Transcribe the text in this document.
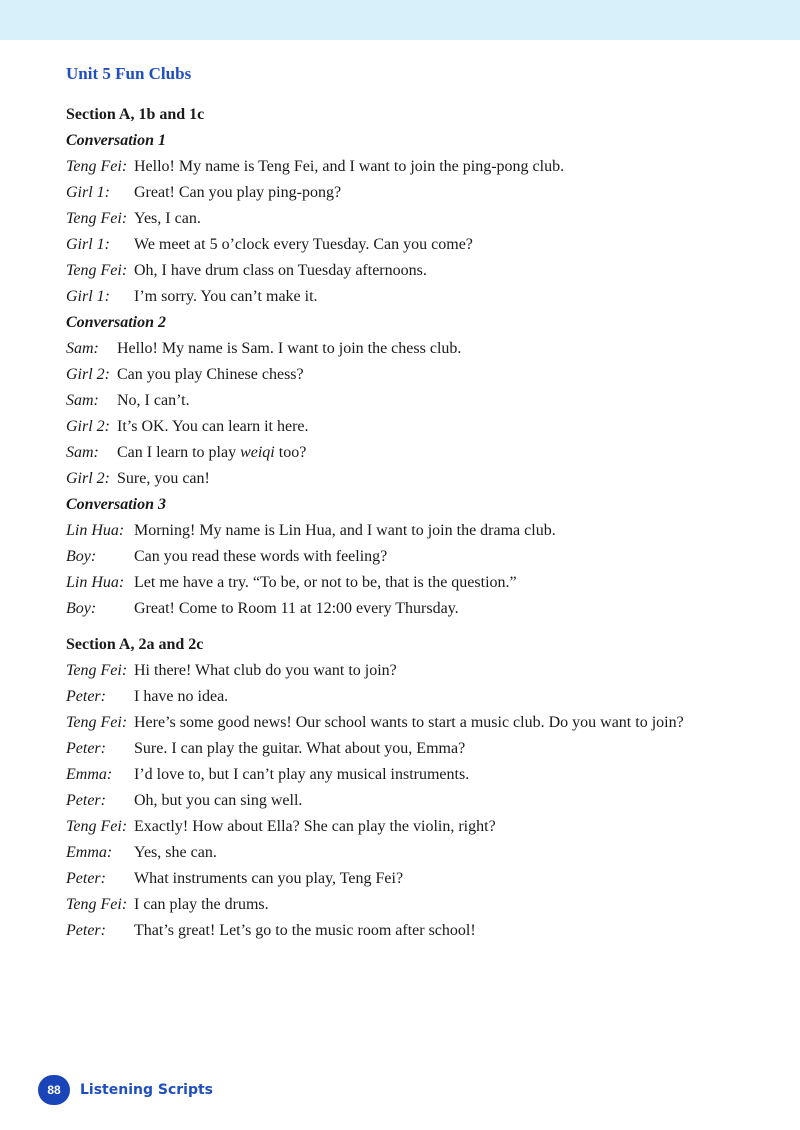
Unit 5 Fun Clubs
Section A, 1b and 1c
Conversation 1
Teng Fei: Hello! My name is Teng Fei, and I want to join the ping-pong club.
Girl 1:	Great! Can you play ping-pong?
Teng Fei: Yes, I can.
Girl 1:	We meet at 5 o’clock every Tuesday. Can you come?
Teng Fei: Oh, I have drum class on Tuesday afternoons.
Girl 1:	I’m sorry. You can’t make it.
Conversation 2
Sam:	Hello! My name is Sam. I want to join the chess club.
Girl 2: Can you play Chinese chess?
Sam:	No, I can’t.
Girl 2: It’s OK. You can learn it here.
Sam:	Can I learn to play weiqi too?
Girl 2: Sure, you can!
Conversation 3
Lin Hua: Morning! My name is Lin Hua, and I want to join the drama club.
Boy:	Can you read these words with feeling?
Lin Hua: Let me have a try. “To be, or not to be, that is the question.”
Boy:	Great! Come to Room 11 at 12:00 every Thursday.
Section A, 2a and 2c
Teng Fei: Hi there! What club do you want to join?
Peter:	I have no idea.
Teng Fei: Here’s some good news! Our school wants to start a music club. Do you want to join?
Peter:	Sure. I can play the guitar. What about you, Emma?
Emma:	I’d love to, but I can’t play any musical instruments.
Peter:	Oh, but you can sing well.
Teng Fei: Exactly! How about Ella? She can play the violin, right?
Emma:	Yes, she can.
Peter:	What instruments can you play, Teng Fei?
Teng Fei: I can play the drums.
Peter:	That’s great! Let’s go to the music room after school!
88	Listening Scripts
